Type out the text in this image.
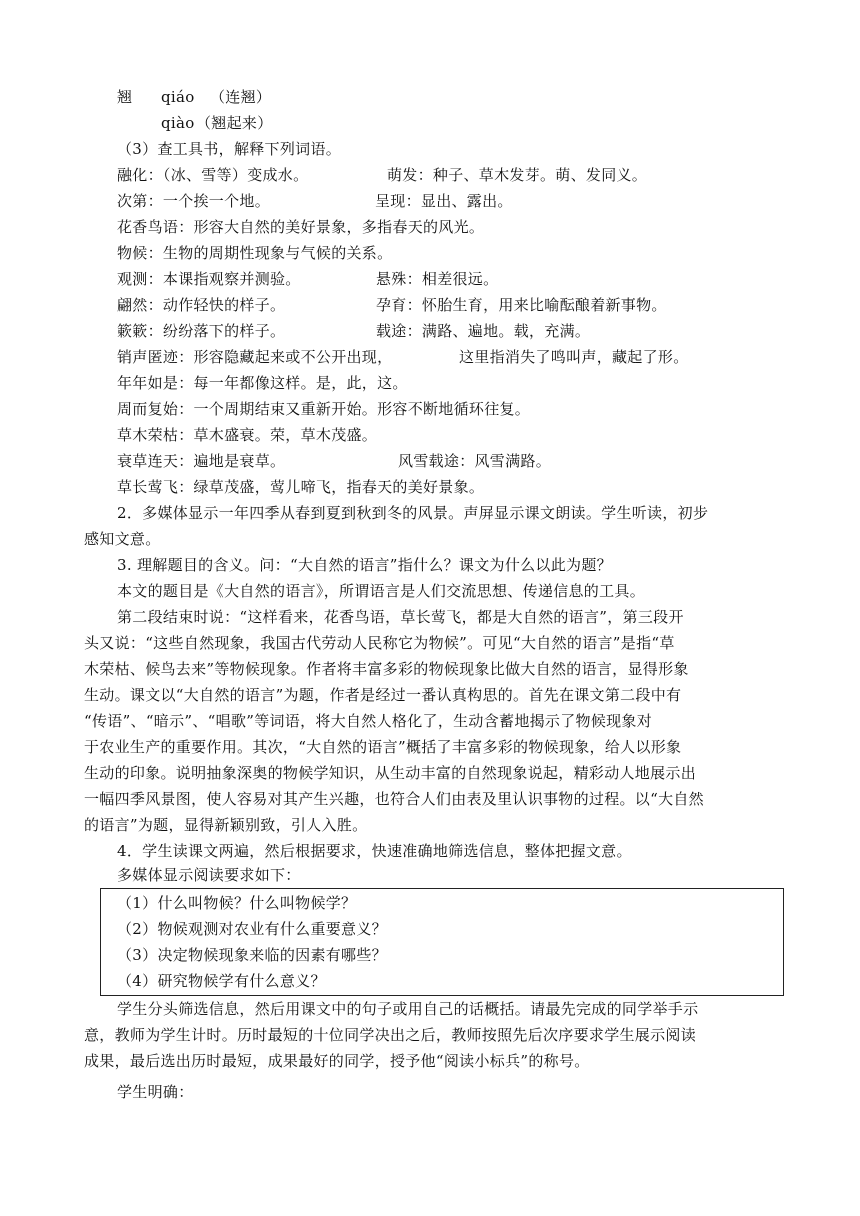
翘 qiáo （连翘）
qiào （翘起来）
（3）查工具书，解释下列词语。
融化：（冰、雪等）变成水。	萌发：种子、草木发芽。萌、发同义。
次第：一个挨一个地。	呈现：显出、露出。
花香鸟语：形容大自然的美好景象，多指春天的风光。
物候：生物的周期性现象与气候的关系。
观测：本课指观察并测验。	悬殊：相差很远。
翩然：动作轻快的样子。	孕育：怀胎生育，用来比喻酝酿着新事物。
簌簌：纷纷落下的样子。	载途：满路、遍地。载，充满。
销声匿迹：形容隐藏起来或不公开出现，	这里指消失了鸣叫声，藏起了形。
年年如是：每一年都像这样。是，此，这。
周而复始：一个周期结束又重新开始。形容不断地循环往复。
草木荣枯：草木盛衰。荣，草木茂盛。
衰草连天：遍地是衰草。	风雪载途：风雪满路。
草长莺飞：绿草茂盛，莺儿啼飞，指春天的美好景象。
2．多媒体显示一年四季从春到夏到秋到冬的风景。声屏显示课文朗读。学生听读，初步
感知文意。
3. 理解题目的含义。问：“大自然的语言”指什么？课文为什么以此为题？
本文的题目是《大自然的语言》，所谓语言是人们交流思想、传递信息的工具。
第二段结束时说：“这样看来，花香鸟语，草长莺飞，都是大自然的语言”，第三段开
头又说：“这些自然现象，我国古代劳动人民称它为物候”。可见“大自然的语言”是指“草
木荣枯、候鸟去来”等物候现象。作者将丰富多彩的物候现象比做大自然的语言，显得形象
生动。课文以“大自然的语言”为题，作者是经过一番认真构思的。首先在课文第二段中有
“传语”、“暗示”、“唱歌”等词语，将大自然人格化了，生动含蓄地揭示了物候现象对
于农业生产的重要作用。其次，“大自然的语言”概括了丰富多彩的物候现象，给人以形象
生动的印象。说明抽象深奥的物候学知识，从生动丰富的自然现象说起，精彩动人地展示出
一幅四季风景图，使人容易对其产生兴趣，也符合人们由表及里认识事物的过程。以“大自然
的语言”为题，显得新颖别致，引人入胜。
4．学生读课文两遍，然后根据要求，快速准确地筛选信息，整体把握文意。
多媒体显示阅读要求如下：
（1）什么叫物候？什么叫物候学？
（2）物候观测对农业有什么重要意义？
（3）决定物候现象来临的因素有哪些？
（4）研究物候学有什么意义？
学生分头筛选信息，然后用课文中的句子或用自己的话概括。请最先完成的同学举手示
意，教师为学生计时。历时最短的十位同学决出之后，教师按照先后次序要求学生展示阅读
成果，最后选出历时最短，成果最好的同学，授予他“阅读小标兵”的称号。
学生明确：
